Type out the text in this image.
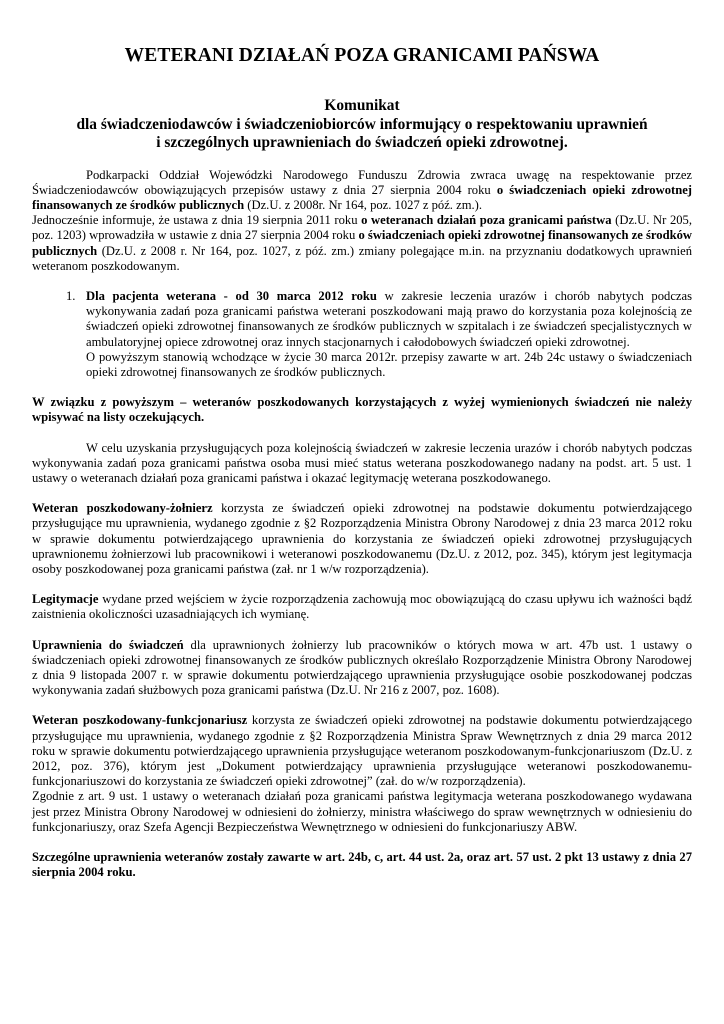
WETERANI DZIAŁAŃ POZA GRANICAMI PAŃSWA
Komunikat
dla świadczeniodawców i świadczeniobiorców informujący o respektowaniu uprawnień
i szczególnych uprawnieniach do świadczeń opieki zdrowotnej.

Podkarpacki Oddział Wojewódzki Narodowego Funduszu Zdrowia zwraca uwagę na respektowanie przez Świadczeniodawców obowiązujących przepisów ustawy z dnia 27 sierpnia 2004 roku o świadczeniach opieki zdrowotnej finansowanych ze środków publicznych (Dz.U. z 2008r. Nr 164, poz. 1027 z póź. zm.).

Jednocześnie informuje, że ustawa z dnia 19 sierpnia 2011 roku o weteranach działań poza granicami państwa (Dz.U. Nr 205, poz. 1203) wprowadziła w ustawie z dnia 27 sierpnia 2004 roku o świadczeniach opieki zdrowotnej finansowanych ze środków publicznych (Dz.U. z 2008 r. Nr 164, poz. 1027, z póź. zm.) zmiany polegające m.in. na przyznaniu dodatkowych uprawnień weteranom poszkodowanym.

1. Dla pacjenta weterana - od 30 marca 2012 roku w zakresie leczenia urazów i chorób nabytych podczas wykonywania zadań poza granicami państwa weterani poszkodowani mają prawo do korzystania poza kolejnością ze świadczeń opieki zdrowotnej finansowanych ze środków publicznych w szpitalach i ze świadczeń specjalistycznych w ambulatoryjnej opiece zdrowotnej oraz innych stacjonarnych i całodobowych świadczeń opieki zdrowotnej.
O powyższym stanowią wchodzące w życie 30 marca 2012r. przepisy zawarte w art. 24b 24c ustawy o świadczeniach opieki zdrowotnej finansowanych ze środków publicznych.

W związku z powyższym – weteranów poszkodowanych korzystających z wyżej wymienionych świadczeń nie należy wpisywać na listy oczekujących.

W celu uzyskania przysługujących poza kolejnością świadczeń w zakresie leczenia urazów i chorób nabytych podczas wykonywania zadań poza granicami państwa osoba musi mieć status weterana poszkodowanego nadany na podst. art. 5 ust. 1 ustawy o weteranach działań poza granicami państwa i okazać legitymację weterana poszkodowanego.

Weteran poszkodowany-żołnierz korzysta ze świadczeń opieki zdrowotnej na podstawie dokumentu potwierdzającego przysługujące mu uprawnienia, wydanego zgodnie z §2 Rozporządzenia Ministra Obrony Narodowej z dnia 23 marca 2012 roku w sprawie dokumentu potwierdzającego uprawnienia do korzystania ze świadczeń opieki zdrowotnej przysługujących uprawnionemu żołnierzowi lub pracownikowi i weteranowi poszkodowanemu (Dz.U. z 2012, poz. 345), którym jest legitymacja osoby poszkodowanej poza granicami państwa (zał. nr 1 w/w rozporządzenia).

Legitymacje wydane przed wejściem w życie rozporządzenia zachowują moc obowiązującą do czasu upływu ich ważności bądź zaistnienia okoliczności uzasadniających ich wymianę.

Uprawnienia do świadczeń dla uprawnionych żołnierzy lub pracowników o których mowa w art. 47b ust. 1 ustawy o świadczeniach opieki zdrowotnej finansowanych ze środków publicznych określało Rozporządzenie Ministra Obrony Narodowej z dnia 9 listopada 2007 r. w sprawie dokumentu potwierdzającego uprawnienia przysługujące osobie poszkodowanej podczas wykonywania zadań służbowych poza granicami państwa (Dz.U. Nr 216 z 2007, poz. 1608).

Weteran poszkodowany-funkcjonariusz korzysta ze świadczeń opieki zdrowotnej na podstawie dokumentu potwierdzającego przysługujące mu uprawnienia, wydanego zgodnie z §2 Rozporządzenia Ministra Spraw Wewnętrznych z dnia 29 marca 2012 roku w sprawie dokumentu potwierdzającego uprawnienia przysługujące weteranom poszkodowanym-funkcjonariuszom (Dz.U. z 2012, poz. 376), którym jest „Dokument potwierdzający uprawnienia przysługujące weteranowi poszkodowanemu-funkcjonariuszowi do korzystania ze świadczeń opieki zdrowotnej” (zał. do w/w rozporządzenia).

Zgodnie z art. 9 ust. 1 ustawy o weteranach działań poza granicami państwa legitymacja weterana poszkodowanego wydawana jest przez Ministra Obrony Narodowej w odniesieni do żołnierzy, ministra właściwego do spraw wewnętrznych w odniesieniu do funkcjonariuszy, oraz Szefa Agencji Bezpieczeństwa Wewnętrznego w odniesieni do funkcjonariuszy ABW.

Szczególne uprawnienia weteranów zostały zawarte w art. 24b, c, art. 44 ust. 2a, oraz art. 57 ust. 2 pkt 13 ustawy z dnia 27 sierpnia 2004 roku.
